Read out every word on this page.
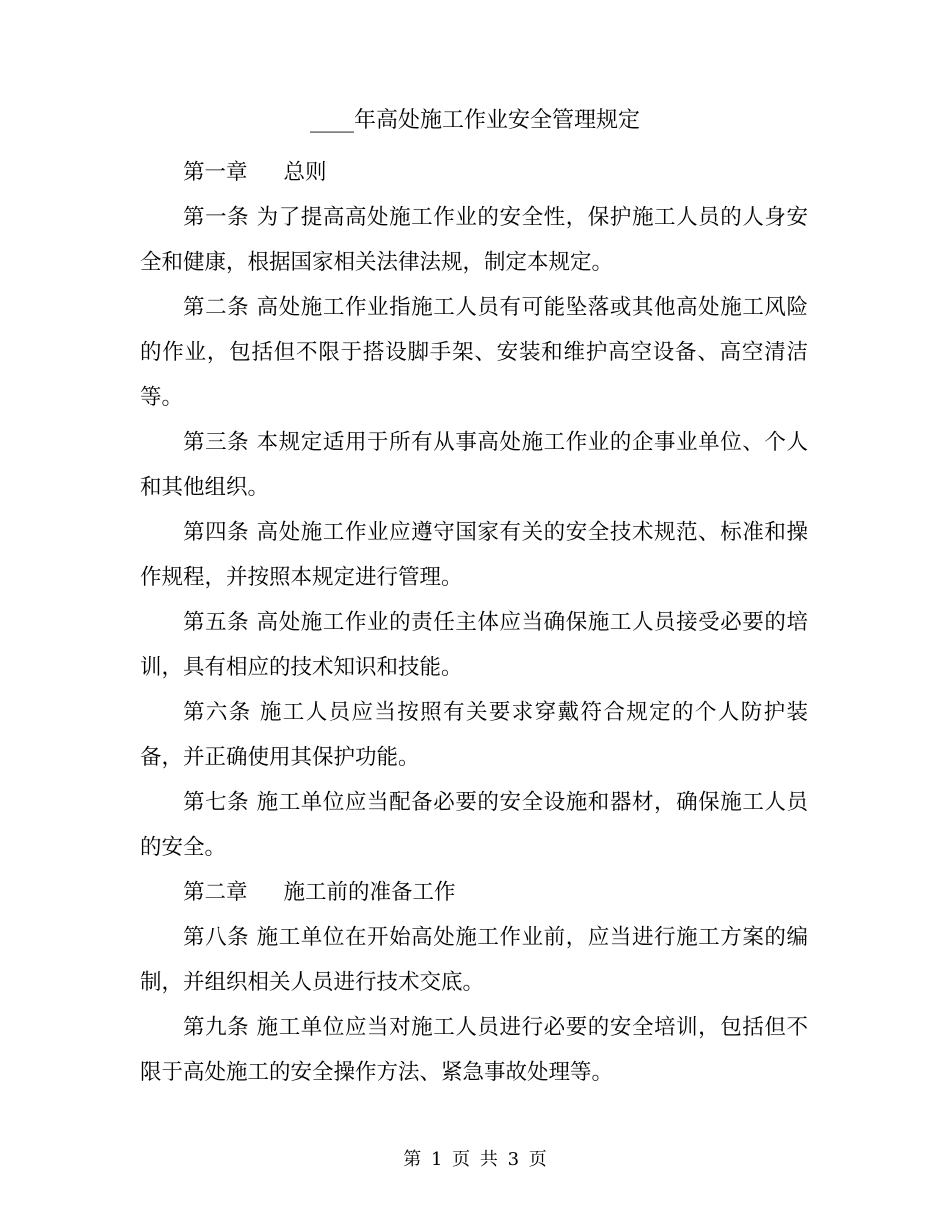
____年高处施工作业安全管理规定

第一章 总则

第一条 为了提高高处施工作业的安全性，保护施工人员的人身安全和健康，根据国家相关法律法规，制定本规定。

第二条 高处施工作业指施工人员有可能坠落或其他高处施工风险的作业，包括但不限于搭设脚手架、安装和维护高空设备、高空清洁等。

第三条 本规定适用于所有从事高处施工作业的企事业单位、个人和其他组织。

第四条 高处施工作业应遵守国家有关的安全技术规范、标准和操作规程，并按照本规定进行管理。

第五条 高处施工作业的责任主体应当确保施工人员接受必要的培训，具有相应的技术知识和技能。

第六条 施工人员应当按照有关要求穿戴符合规定的个人防护装备，并正确使用其保护功能。

第七条 施工单位应当配备必要的安全设施和器材，确保施工人员的安全。

第二章 施工前的准备工作

第八条 施工单位在开始高处施工作业前，应当进行施工方案的编制，并组织相关人员进行技术交底。

第九条 施工单位应当对施工人员进行必要的安全培训，包括但不限于高处施工的安全操作方法、紧急事故处理等。

第 1 页 共 3 页
